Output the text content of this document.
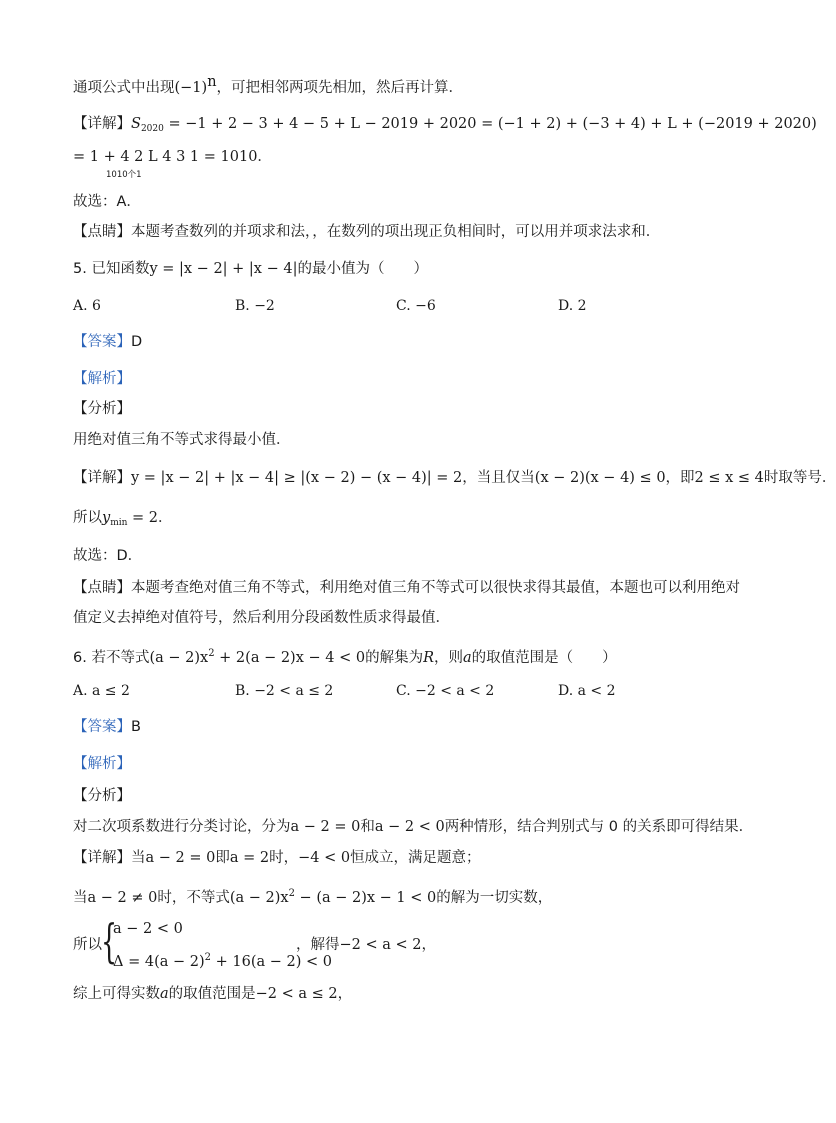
通项公式中出现$(-1)^n$，可把相邻两项先相加，然后再计算．
【详解】$S_{2020} = -1 + 2 - 3 + 4 - 5 + L - 2019 + 2020 = (-1 + 2) + (-3 + 4) + L + (-2019 + 2020)$
= 1 + 4 2 L 4 3 1 = 1010．
1010个1
故选：A．
【点睛】本题考查数列的并项求和法，，在数列的项出现正负相间时，可以用并项求法求和．
5. 已知函数y = |x − 2| + |x − 4|的最小值为（　　）
A. 6	B. −2	C. −6	D. 2
【答案】D
【解析】
【分析】
用绝对值三角不等式求得最小值．
【详解】y = |x − 2| + |x − 4| ≥ |(x − 2) − (x − 4)| = 2，当且仅当(x − 2)(x − 4) ≤ 0，即2 ≤ x ≤ 4时取等号．
所以$y_{min} = 2$．
故选：D．
【点睛】本题考查绝对值三角不等式，利用绝对值三角不等式可以很快求得其最值，本题也可以利用绝对
值定义去掉绝对值符号，然后利用分段函数性质求得最值．
6. 若不等式$(a - 2)x^2 + 2(a - 2)x - 4 < 0$的解集为R，则a的取值范围是（　　）
A. a ≤ 2	B. −2 < a ≤ 2	C. −2 < a < 2	D. a < 2
【答案】B
【解析】
【分析】
对二次项系数进行分类讨论，分为a − 2 = 0和a − 2 < 0两种情形，结合判别式与 0 的关系即可得结果．
【详解】当a − 2 = 0即a = 2时，−4 < 0恒成立，满足题意；
当a − 2 ≠ 0时，不等式$(a - 2)x^2 - (a - 2)x - 1 < 0$的解为一切实数，
所以 {
a − 2 < 0
$\Delta = 4(a - 2)^2 + 16(a - 2) < 0$
，解得−2 < a < 2，
综上可得实数a的取值范围是−2 < a ≤ 2，
